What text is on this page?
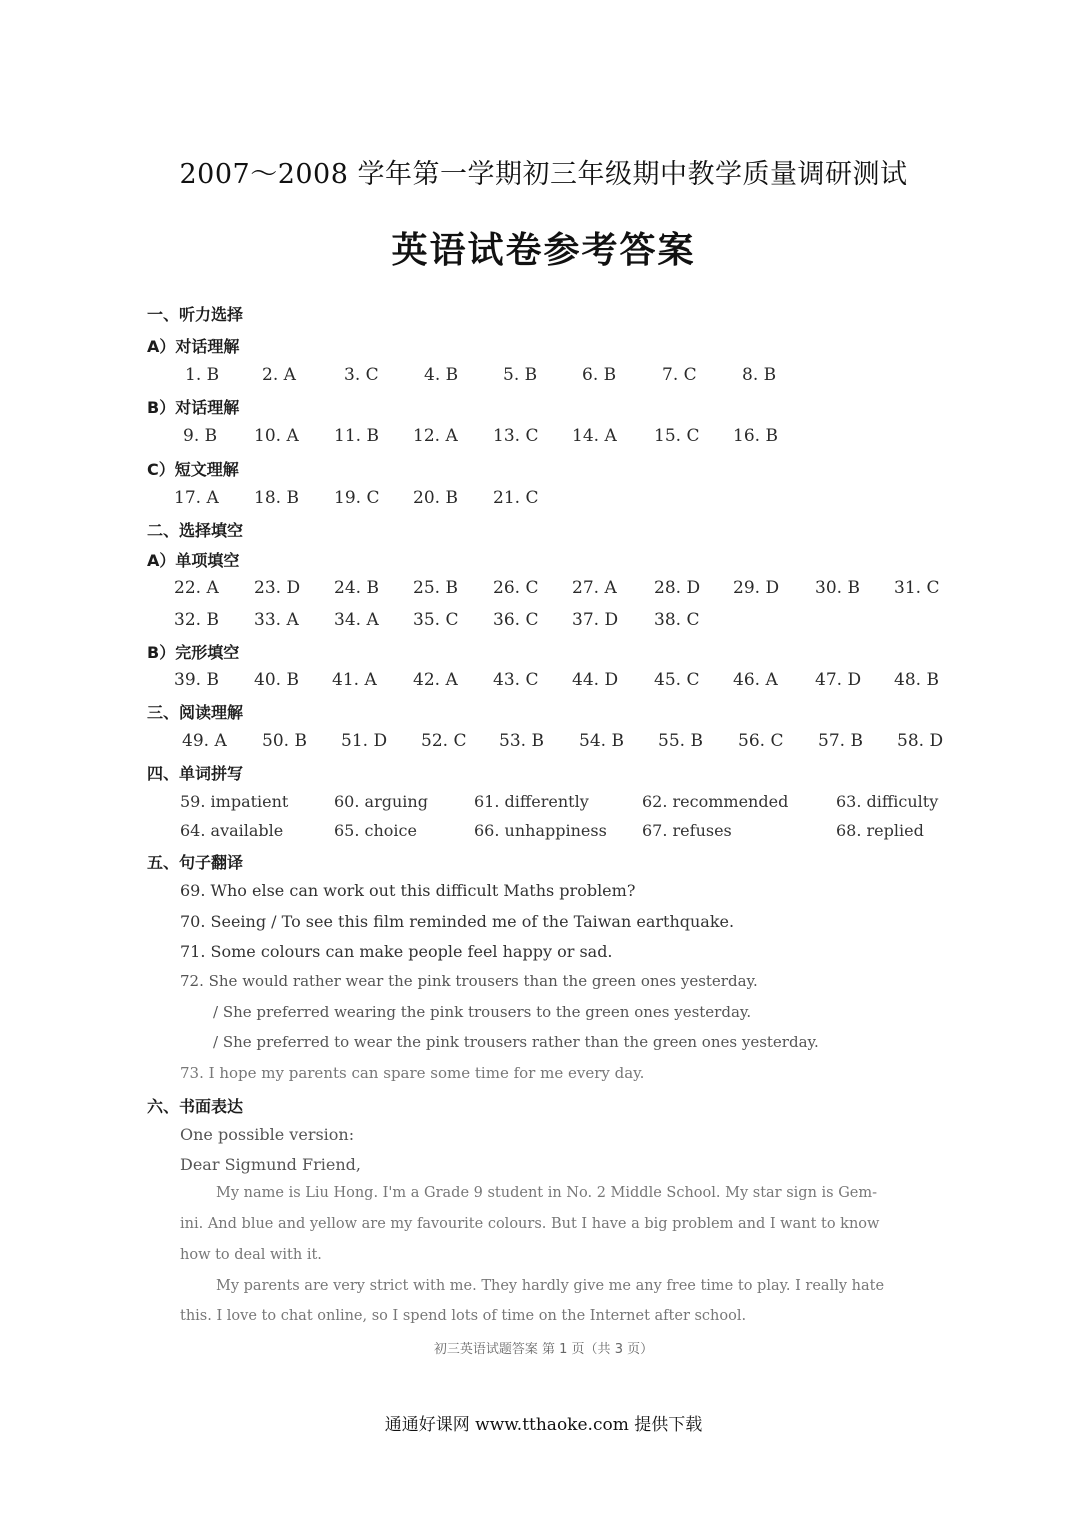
2007～2008 学年第一学期初三年级期中教学质量调研测试
英语试卷参考答案
一、听力选择
A）对话理解
1. B	2. A	3. C	4. B	5. B	6. B	7. C	8. B
B）对话理解
9. B 10. A 11. B 12. A 13. C 14. A 15. C 16. B
C）短文理解
17. A 18. B 19. C 20. B 21. C
二、选择填空
A）单项填空
22. A 23. D 24. B 25. B 26. C 27. A 28. D 29. D 30. B 31. C
32. B 33. A 34. A 35. C 36. C 37. D 38. C
B）完形填空
39. B 40. B 41. A 42. A 43. C 44. D 45. C 46. A 47. D 48. B
三、阅读理解
49. A 50. B 51. D 52. C 53. B 54. B 55. B 56. C 57. B 58. D
四、单词拼写
59. impatient	60. arguing	61. differently	62. recommended	63. difficulty
64. available	65. choice	66. unhappiness 67. refuses	68. replied
五、句子翻译
69. Who else can work out this difficult Maths problem?
70. Seeing / To see this film reminded me of the Taiwan earthquake.
71. Some colours can make people feel happy or sad.
72. She would rather wear the pink trousers than the green ones yesterday.
/ She preferred wearing the pink trousers to the green ones yesterday.
/ She preferred to wear the pink trousers rather than the green ones yesterday.
73. I hope my parents can spare some time for me every day.
六、书面表达
One possible version:
Dear Sigmund Friend,
My name is Liu Hong. I'm a Grade 9 student in No. 2 Middle School. My star sign is Gem-
ini. And blue and yellow are my favourite colours. But I have a big problem and I want to know
how to deal with it.
My parents are very strict with me. They hardly give me any free time to play. I really hate
this. I love to chat online, so I spend lots of time on the Internet after school.
初三英语试题答案 第 1 页（共 3 页）
通通好课网 www.tthaoke.com 提供下载
